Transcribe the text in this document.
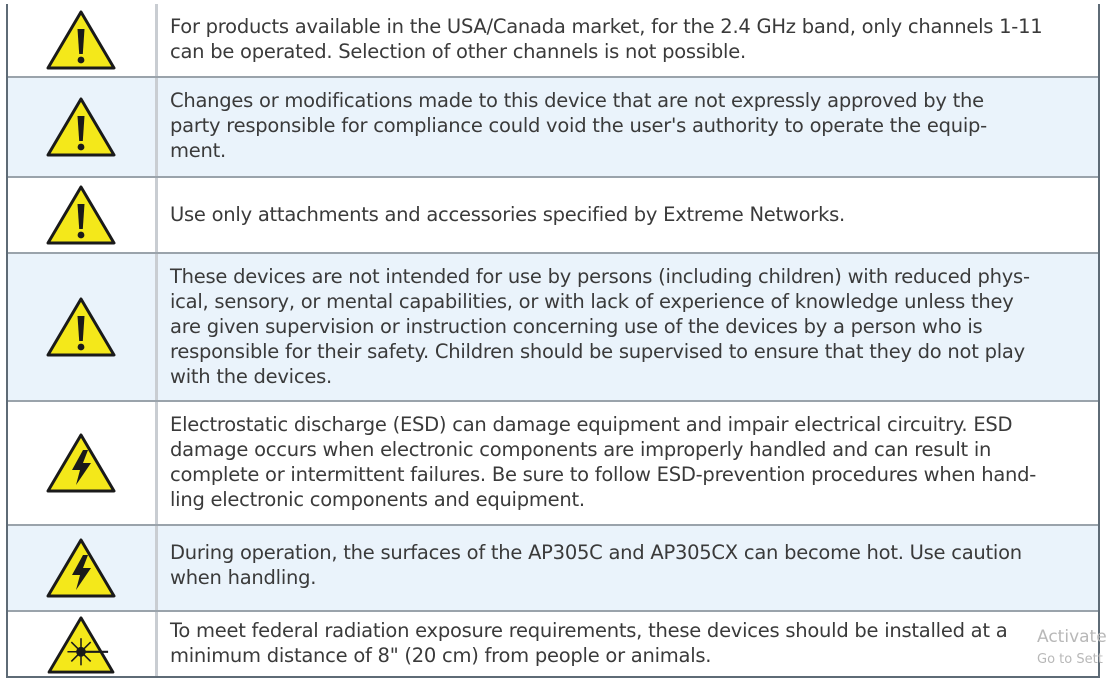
For products available in the USA/Canada market, for the 2.4 GHz band, only channels 1-11
can be operated. Selection of other channels is not possible.
Changes or modifications made to this device that are not expressly approved by the
party responsible for compliance could void the user's authority to operate the equip-
ment.
Use only attachments and accessories specified by Extreme Networks.
These devices are not intended for use by persons (including children) with reduced phys-
ical, sensory, or mental capabilities, or with lack of experience of knowledge unless they
are given supervision or instruction concerning use of the devices by a person who is
responsible for their safety. Children should be supervised to ensure that they do not play
with the devices.
Electrostatic discharge (ESD) can damage equipment and impair electrical circuitry. ESD
damage occurs when electronic components are improperly handled and can result in
complete or intermittent failures. Be sure to follow ESD-prevention procedures when hand-
ling electronic components and equipment.
During operation, the surfaces of the AP305C and AP305CX can become hot. Use caution
when handling.
To meet federal radiation exposure requirements, these devices should be installed at a
minimum distance of 8" (20 cm) from people or animals.
Activate
Go to Sett
